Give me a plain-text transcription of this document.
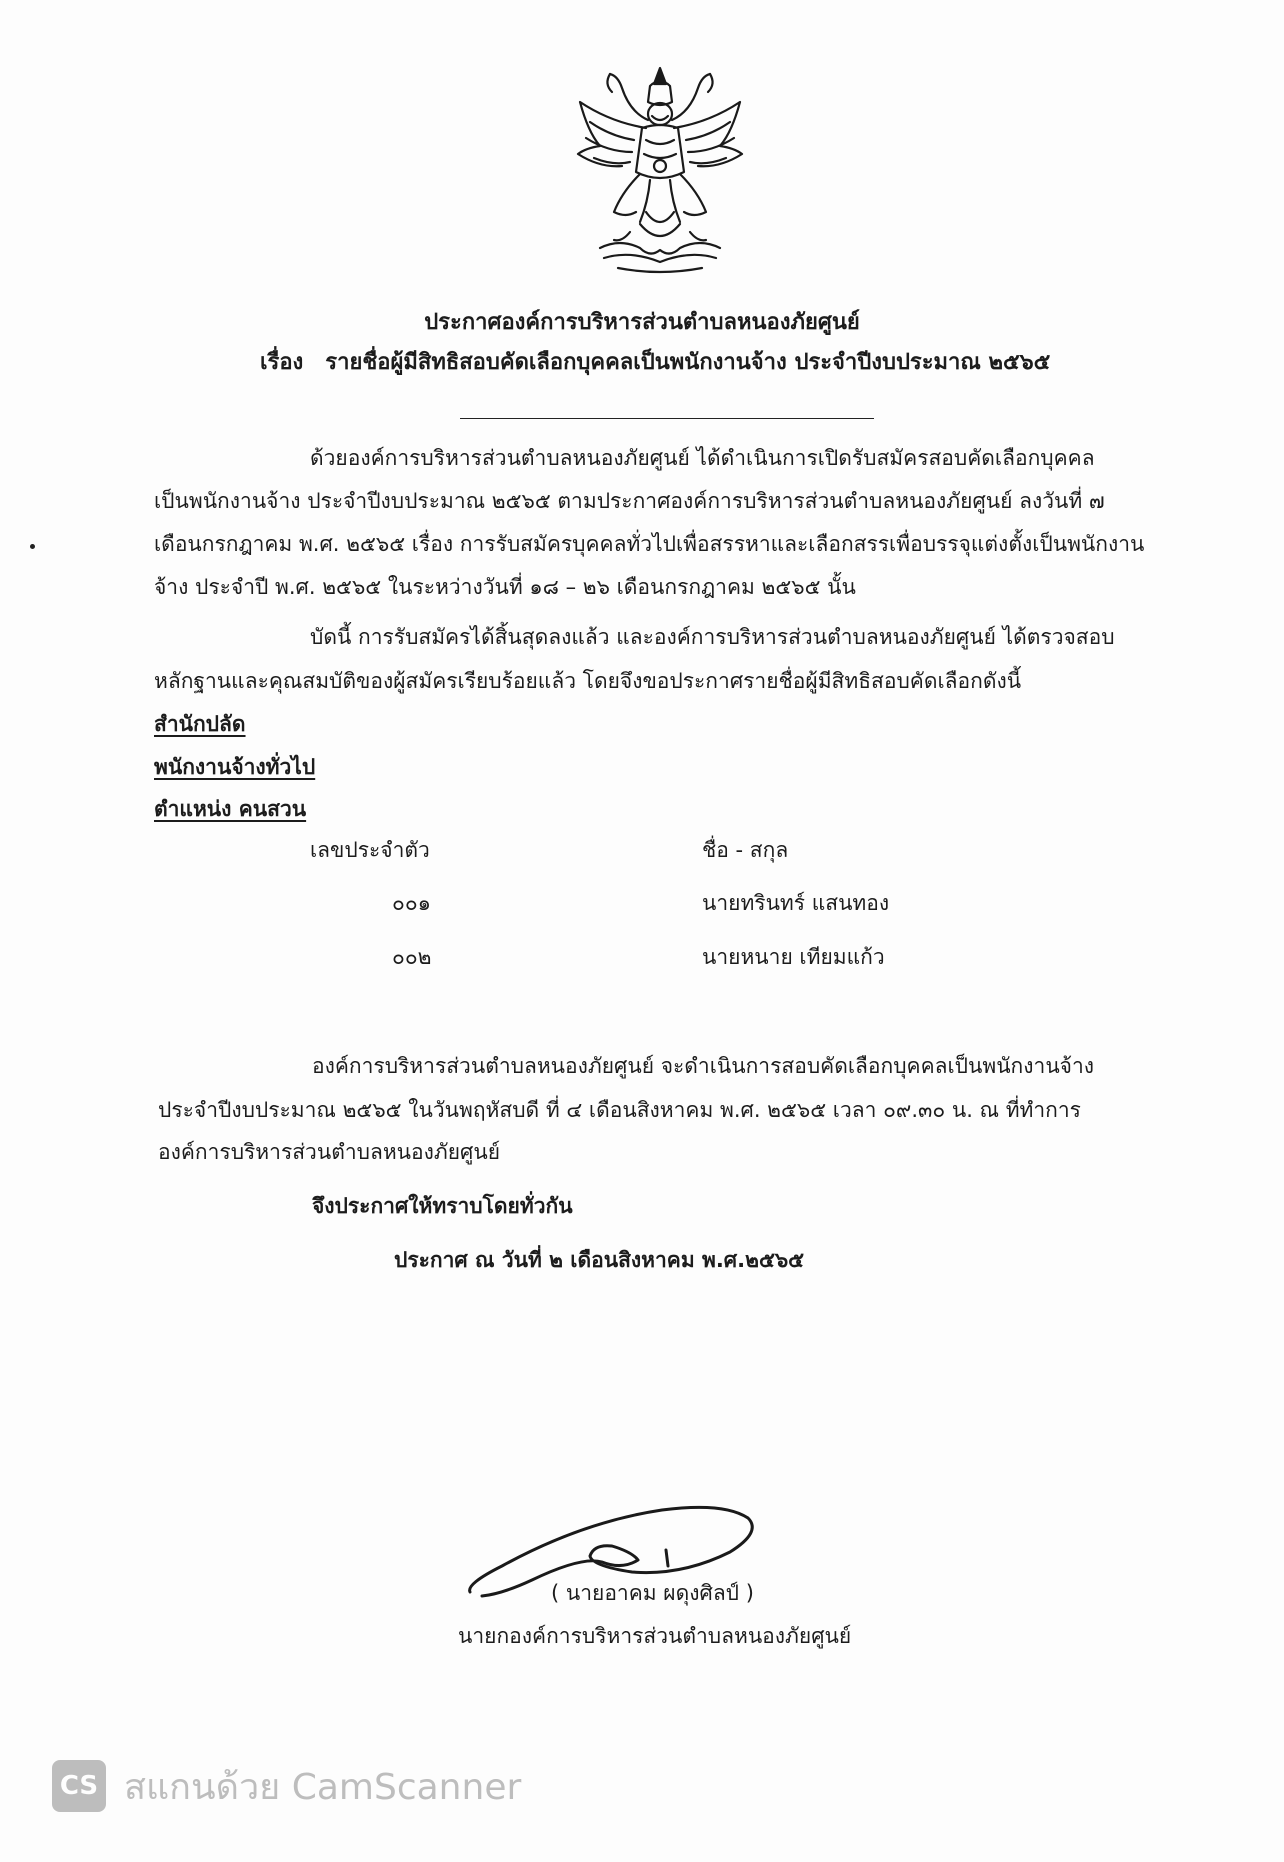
ประกาศองค์การบริหารส่วนตำบลหนองภัยศูนย์
เรื่อง รายชื่อผู้มีสิทธิสอบคัดเลือกบุคคลเป็นพนักงานจ้าง ประจำปีงบประมาณ ๒๕๖๕
ด้วยองค์การบริหารส่วนตำบลหนองภัยศูนย์ ได้ดำเนินการเปิดรับสมัครสอบคัดเลือกบุคคล
เป็นพนักงานจ้าง ประจำปีงบประมาณ ๒๕๖๕ ตามประกาศองค์การบริหารส่วนตำบลหนองภัยศูนย์ ลงวันที่ ๗
เดือนกรกฎาคม พ.ศ. ๒๕๖๕ เรื่อง การรับสมัครบุคคลทั่วไปเพื่อสรรหาและเลือกสรรเพื่อบรรจุแต่งตั้งเป็นพนักงาน
จ้าง ประจำปี พ.ศ. ๒๕๖๕ ในระหว่างวันที่ ๑๘ – ๒๖ เดือนกรกฎาคม ๒๕๖๕ นั้น
บัดนี้ การรับสมัครได้สิ้นสุดลงแล้ว และองค์การบริหารส่วนตำบลหนองภัยศูนย์ ได้ตรวจสอบ
หลักฐานและคุณสมบัติของผู้สมัครเรียบร้อยแล้ว โดยจึงขอประกาศรายชื่อผู้มีสิทธิสอบคัดเลือกดังนี้
สำนักปลัด
พนักงานจ้างทั่วไป
ตำแหน่ง คนสวน
เลขประจำตัว	ชื่อ - สกุล
๐๐๑	นายทรินทร์ แสนทอง
๐๐๒	นายหนาย เทียมแก้ว
องค์การบริหารส่วนตำบลหนองภัยศูนย์ จะดำเนินการสอบคัดเลือกบุคคลเป็นพนักงานจ้าง
ประจำปีงบประมาณ ๒๕๖๕ ในวันพฤหัสบดี ที่ ๔ เดือนสิงหาคม พ.ศ. ๒๕๖๕ เวลา ๐๙.๓๐ น. ณ ที่ทำการ
องค์การบริหารส่วนตำบลหนองภัยศูนย์
จึงประกาศให้ทราบโดยทั่วกัน
ประกาศ ณ วันที่ ๒ เดือนสิงหาคม พ.ศ.๒๕๖๕
( นายอาคม ผดุงศิลป์ )
นายกองค์การบริหารส่วนตำบลหนองภัยศูนย์
CS สแกนด้วย CamScanner
